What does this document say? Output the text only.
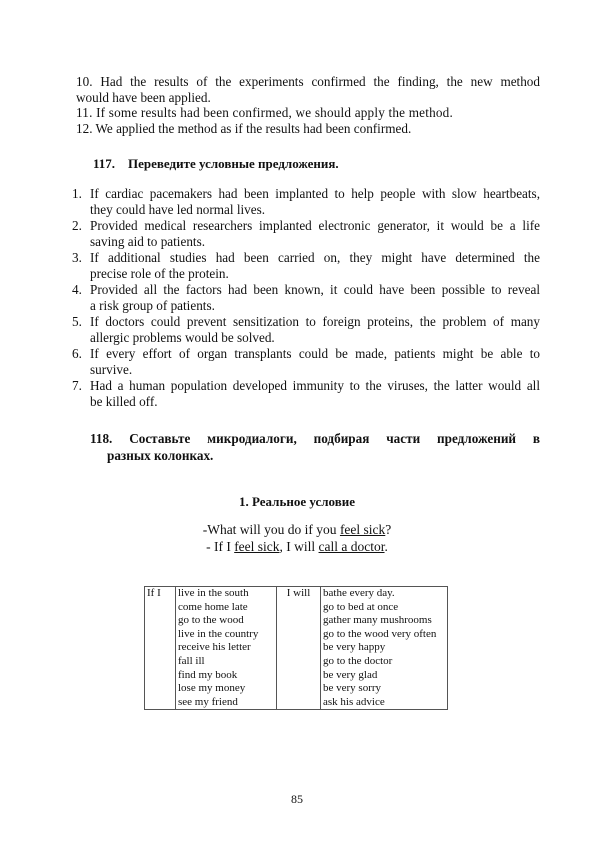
10. Had the results of the experiments confirmed the finding, the new method
would have been applied.
11. If some results had been confirmed, we should apply the method.
12. We applied the method as if the results had been confirmed.
117.    Переведите условные предложения.
1. If cardiac pacemakers had been implanted to help people with slow heartbeats,
they could have led normal lives.
2. Provided medical researchers implanted electronic generator, it would be a life
saving aid to patients.
3. If additional studies had been carried on, they might have determined the
precise role of the protein.
4. Provided all the factors had been known, it could have been possible to reveal
a risk group of patients.
5. If doctors could prevent sensitization to foreign proteins, the problem of many
allergic problems would be solved.
6. If every effort of organ transplants could be made, patients might be able to
survive.
7. Had a human population developed immunity to the viruses, the latter would all
be killed off.
118. Составьте микродиалоги, подбирая части предложений в
разных колонках.
1. Реальное условие
-What will you do if you feel sick?
- If I feel sick, I will call a doctor.
If I	live in the south
come home late
go to the wood
live in the country
receive his letter
fall ill
find my book
lose my money
see my friend
	I will	bathe every day.
go to bed at once
gather many mushrooms
go to the wood very often
be very happy
go to the doctor
be very glad
be very sorry
ask his advice
85
